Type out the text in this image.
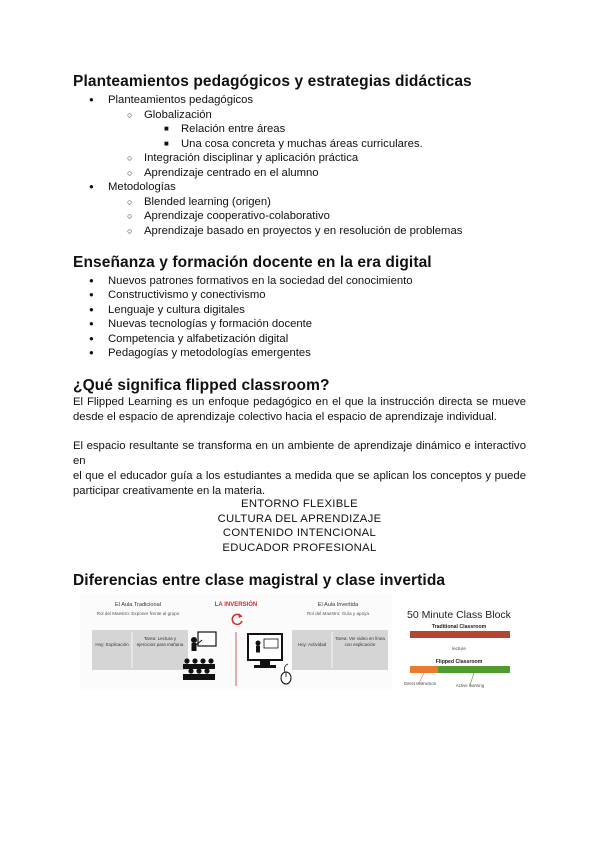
Planteamientos pedagógicos y estrategias didácticas
● Planteamientos pedagógicos
○ Globalización
■ Relación entre áreas
■ Una cosa concreta y muchas áreas curriculares.
○ Integración disciplinar y aplicación práctica
○ Aprendizaje centrado en el alumno
● Metodologías
○ Blended learning (origen)
○ Aprendizaje cooperativo-colaborativo
○ Aprendizaje basado en proyectos y en resolución de problemas
Enseñanza y formación docente en la era digital
● Nuevos patrones formativos en la sociedad del conocimiento
● Constructivismo y conectivismo
● Lenguaje y cultura digitales
● Nuevas tecnologías y formación docente
● Competencia y alfabetización digital
● Pedagogías y metodologías emergentes
¿Qué significa flipped classroom?
El Flipped Learning es un enfoque pedagógico en el que la instrucción directa se mueve
desde el espacio de aprendizaje colectivo hacia el espacio de aprendizaje individual.
El espacio resultante se transforma en un ambiente de aprendizaje dinámico e interactivo en
el que el educador guía a los estudiantes a medida que se aplican los conceptos y puede
participar creativamente en la materia.
ENTORNO FLEXIBLE
CULTURA DEL APRENDIZAJE
CONTENIDO INTENCIONAL
EDUCADOR PROFESIONAL
Diferencias entre clase magistral y clase invertida
El Aula Tradicional
Rol del Maestro: Exponer frente al grupo
Hoy: Explicación
Tarea: Lectura y ejercicios para mañana
LA INVERSIÓN	El Aula Invertida
Rol del Maestro: Guía y apoya
Hoy: Actividad
Tarea: Ver video en línea con explicación
50 Minute Class Block
Traditional Classroom
lecture
Flipped Classroom
Direct Instruction	Active learning
